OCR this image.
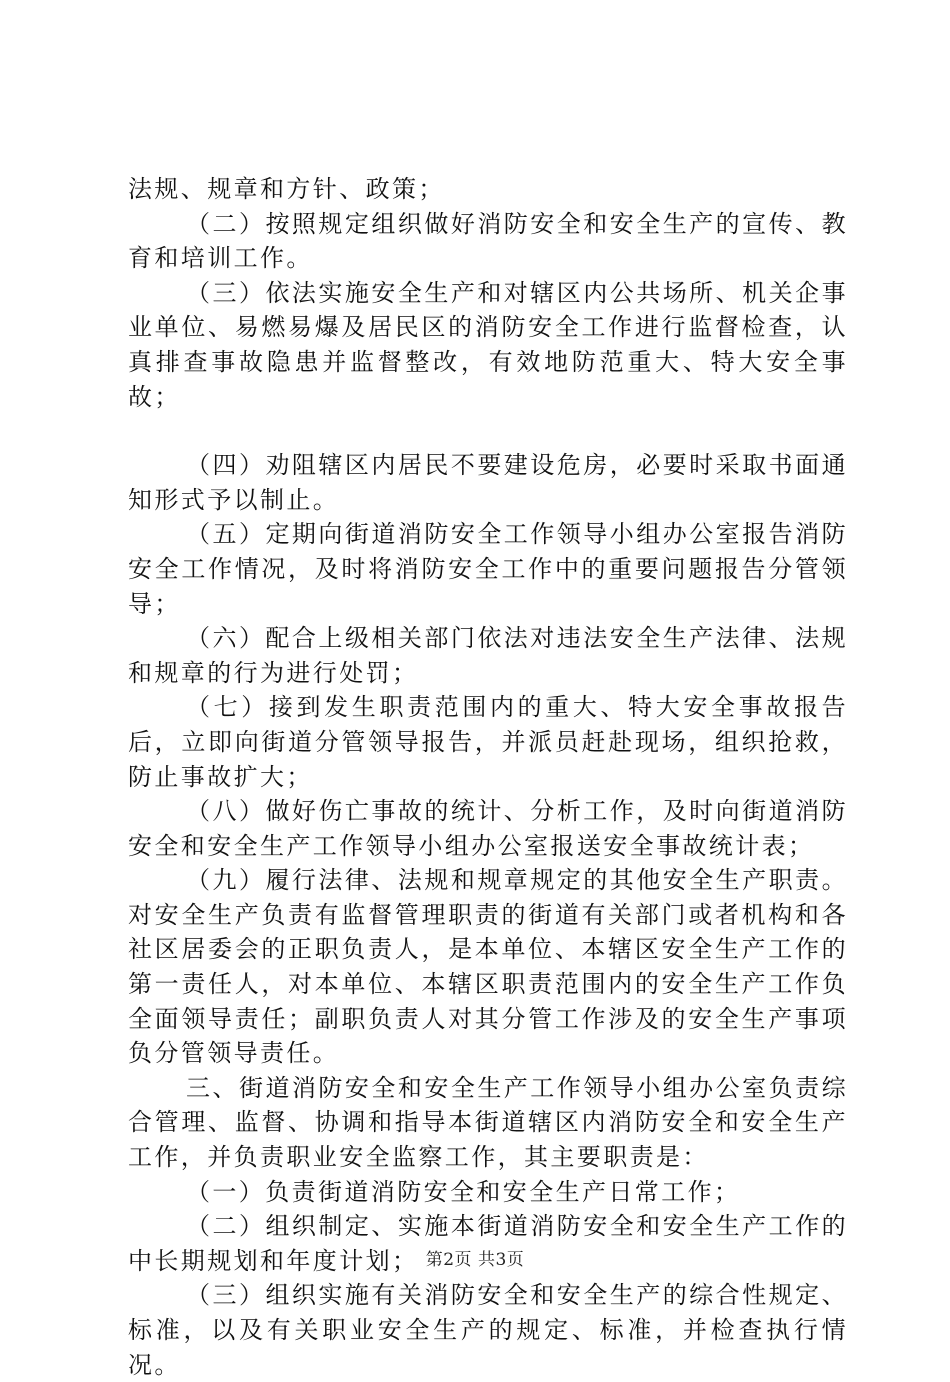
法规、规章和方针、政策；

（二）按照规定组织做好消防安全和安全生产的宣传、教育和培训工作。

（三）依法实施安全生产和对辖区内公共场所、机关企事业单位、易燃易爆及居民区的消防安全工作进行监督检查，认真排查事故隐患并监督整改，有效地防范重大、特大安全事故；

（四）劝阻辖区内居民不要建设危房，必要时采取书面通知形式予以制止。

（五）定期向街道消防安全工作领导小组办公室报告消防安全工作情况，及时将消防安全工作中的重要问题报告分管领导；

（六）配合上级相关部门依法对违法安全生产法律、法规和规章的行为进行处罚；

（七）接到发生职责范围内的重大、特大安全事故报告后，立即向街道分管领导报告，并派员赶赴现场，组织抢救，防止事故扩大；

（八）做好伤亡事故的统计、分析工作，及时向街道消防安全和安全生产工作领导小组办公室报送安全事故统计表；

（九）履行法律、法规和规章规定的其他安全生产职责。对安全生产负责有监督管理职责的街道有关部门或者机构和各社区居委会的正职负责人，是本单位、本辖区安全生产工作的第一责任人，对本单位、本辖区职责范围内的安全生产工作负全面领导责任；副职负责人对其分管工作涉及的安全生产事项负分管领导责任。

三、街道消防安全和安全生产工作领导小组办公室负责综合管理、监督、协调和指导本街道辖区内消防安全和安全生产工作，并负责职业安全监察工作，其主要职责是：

（一）负责街道消防安全和安全生产日常工作；

（二）组织制定、实施本街道消防安全和安全生产工作的中长期规划和年度计划；

（三）组织实施有关消防安全和安全生产的综合性规定、标准，以及有关职业安全生产的规定、标准，并检查执行情况。

第2页 共3页
